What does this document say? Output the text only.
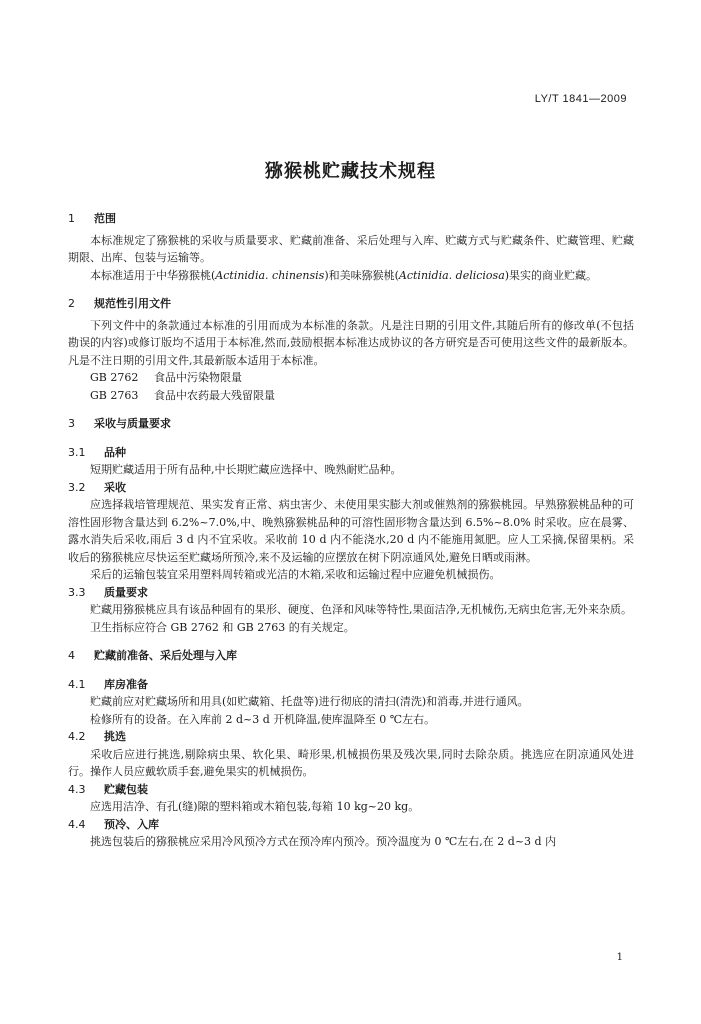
LY/T 1841—2009
猕猴桃贮藏技术规程
1 范围

本标准规定了猕猴桃的采收与质量要求、贮藏前准备、采后处理与入库、贮藏方式与贮藏条件、贮藏管理、贮藏期限、出库、包装与运输等。

本标准适用于中华猕猴桃(Actinidia. chinensis)和美味猕猴桃(Actinidia. deliciosa)果实的商业贮藏。

2 规范性引用文件

下列文件中的条款通过本标准的引用而成为本标准的条款。凡是注日期的引用文件,其随后所有的修改单(不包括勘误的内容)或修订版均不适用于本标准,然而,鼓励根据本标准达成协议的各方研究是否可使用这些文件的最新版本。凡是不注日期的引用文件,其最新版本适用于本标准。

GB 2762 食品中污染物限量
GB 2763 食品中农药最大残留限量
3 采收与质量要求
3.1 品种

短期贮藏适用于所有品种,中长期贮藏应选择中、晚熟耐贮品种。

3.2 采收

应选择栽培管理规范、果实发育正常、病虫害少、未使用果实膨大剂或催熟剂的猕猴桃园。早熟猕猴桃品种的可溶性固形物含量达到 6.2%~7.0%,中、晚熟猕猴桃品种的可溶性固形物含量达到 6.5%~8.0% 时采收。应在晨雾、露水消失后采收,雨后 3 d 内不宜采收。采收前 10 d 内不能浇水,20 d 内不能施用氮肥。应人工采摘,保留果柄。采收后的猕猴桃应尽快运至贮藏场所预冷,来不及运输的应摆放在树下阴凉通风处,避免日晒或雨淋。

采后的运输包装宜采用塑料周转箱或光洁的木箱,采收和运输过程中应避免机械损伤。

3.3 质量要求

贮藏用猕猴桃应具有该品种固有的果形、硬度、色泽和风味等特性,果面洁净,无机械伤,无病虫危害,无外来杂质。

卫生指标应符合 GB 2762 和 GB 2763 的有关规定。

4 贮藏前准备、采后处理与入库
4.1 库房准备

贮藏前应对贮藏场所和用具(如贮藏箱、托盘等)进行彻底的清扫(清洗)和消毒,并进行通风。

检修所有的设备。在入库前 2 d~3 d 开机降温,使库温降至 0 ℃左右。

4.2 挑选

采收后应进行挑选,剔除病虫果、软化果、畸形果,机械损伤果及残次果,同时去除杂质。挑选应在阴凉通风处进行。操作人员应戴软质手套,避免果实的机械损伤。

4.3 贮藏包装

应选用洁净、有孔(缝)隙的塑料箱或木箱包装,每箱 10 kg~20 kg。

4.4 预冷、入库

挑选包装后的猕猴桃应采用冷风预冷方式在预冷库内预冷。预冷温度为 0 ℃左右,在 2 d~3 d 内

1
